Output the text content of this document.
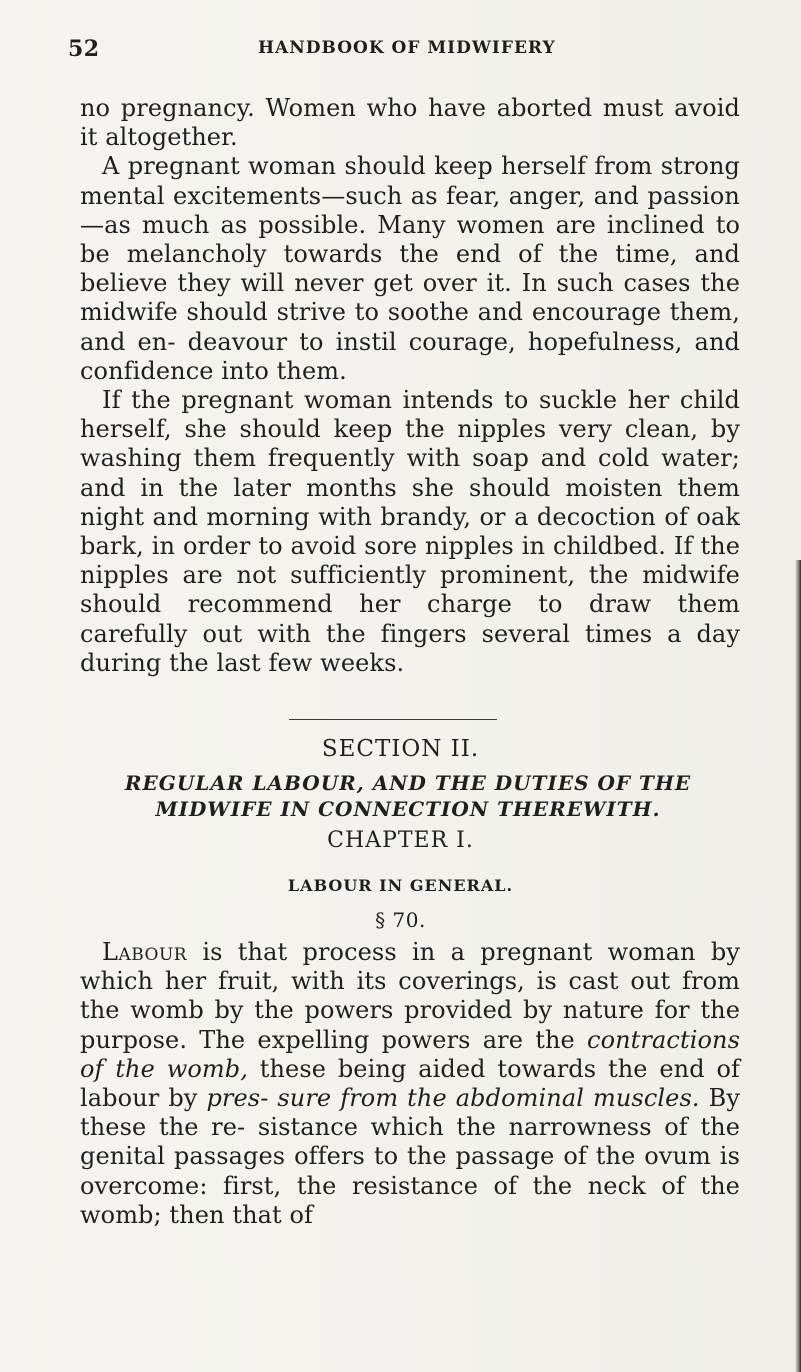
52	HANDBOOK OF MIDWIFERY

no pregnancy. Women who have aborted must avoid it altogether.

A pregnant woman should keep herself from strong mental excitements—such as fear, anger, and passion —as much as possible. Many women are inclined to be melancholy towards the end of the time, and believe they will never get over it. In such cases the midwife should strive to soothe and encourage them, and en- deavour to instil courage, hopefulness, and confidence into them.

If the pregnant woman intends to suckle her child herself, she should keep the nipples very clean, by washing them frequently with soap and cold water; and in the later months she should moisten them night and morning with brandy, or a decoction of oak bark, in order to avoid sore nipples in childbed. If the nipples are not sufficiently prominent, the midwife should recommend her charge to draw them carefully out with the fingers several times a day during the last few weeks.

SECTION II.
REGULAR LABOUR, AND THE DUTIES OF THE
MIDWIFE IN CONNECTION THEREWITH.
CHAPTER I.
LABOUR IN GENERAL.
§ 70.

Labour is that process in a pregnant woman by which her fruit, with its coverings, is cast out from the womb by the powers provided by nature for the purpose. The expelling powers are the contractions of the womb, these being aided towards the end of labour by pres- sure from the abdominal muscles. By these the re- sistance which the narrowness of the genital passages offers to the passage of the ovum is overcome: first, the resistance of the neck of the womb; then that of
